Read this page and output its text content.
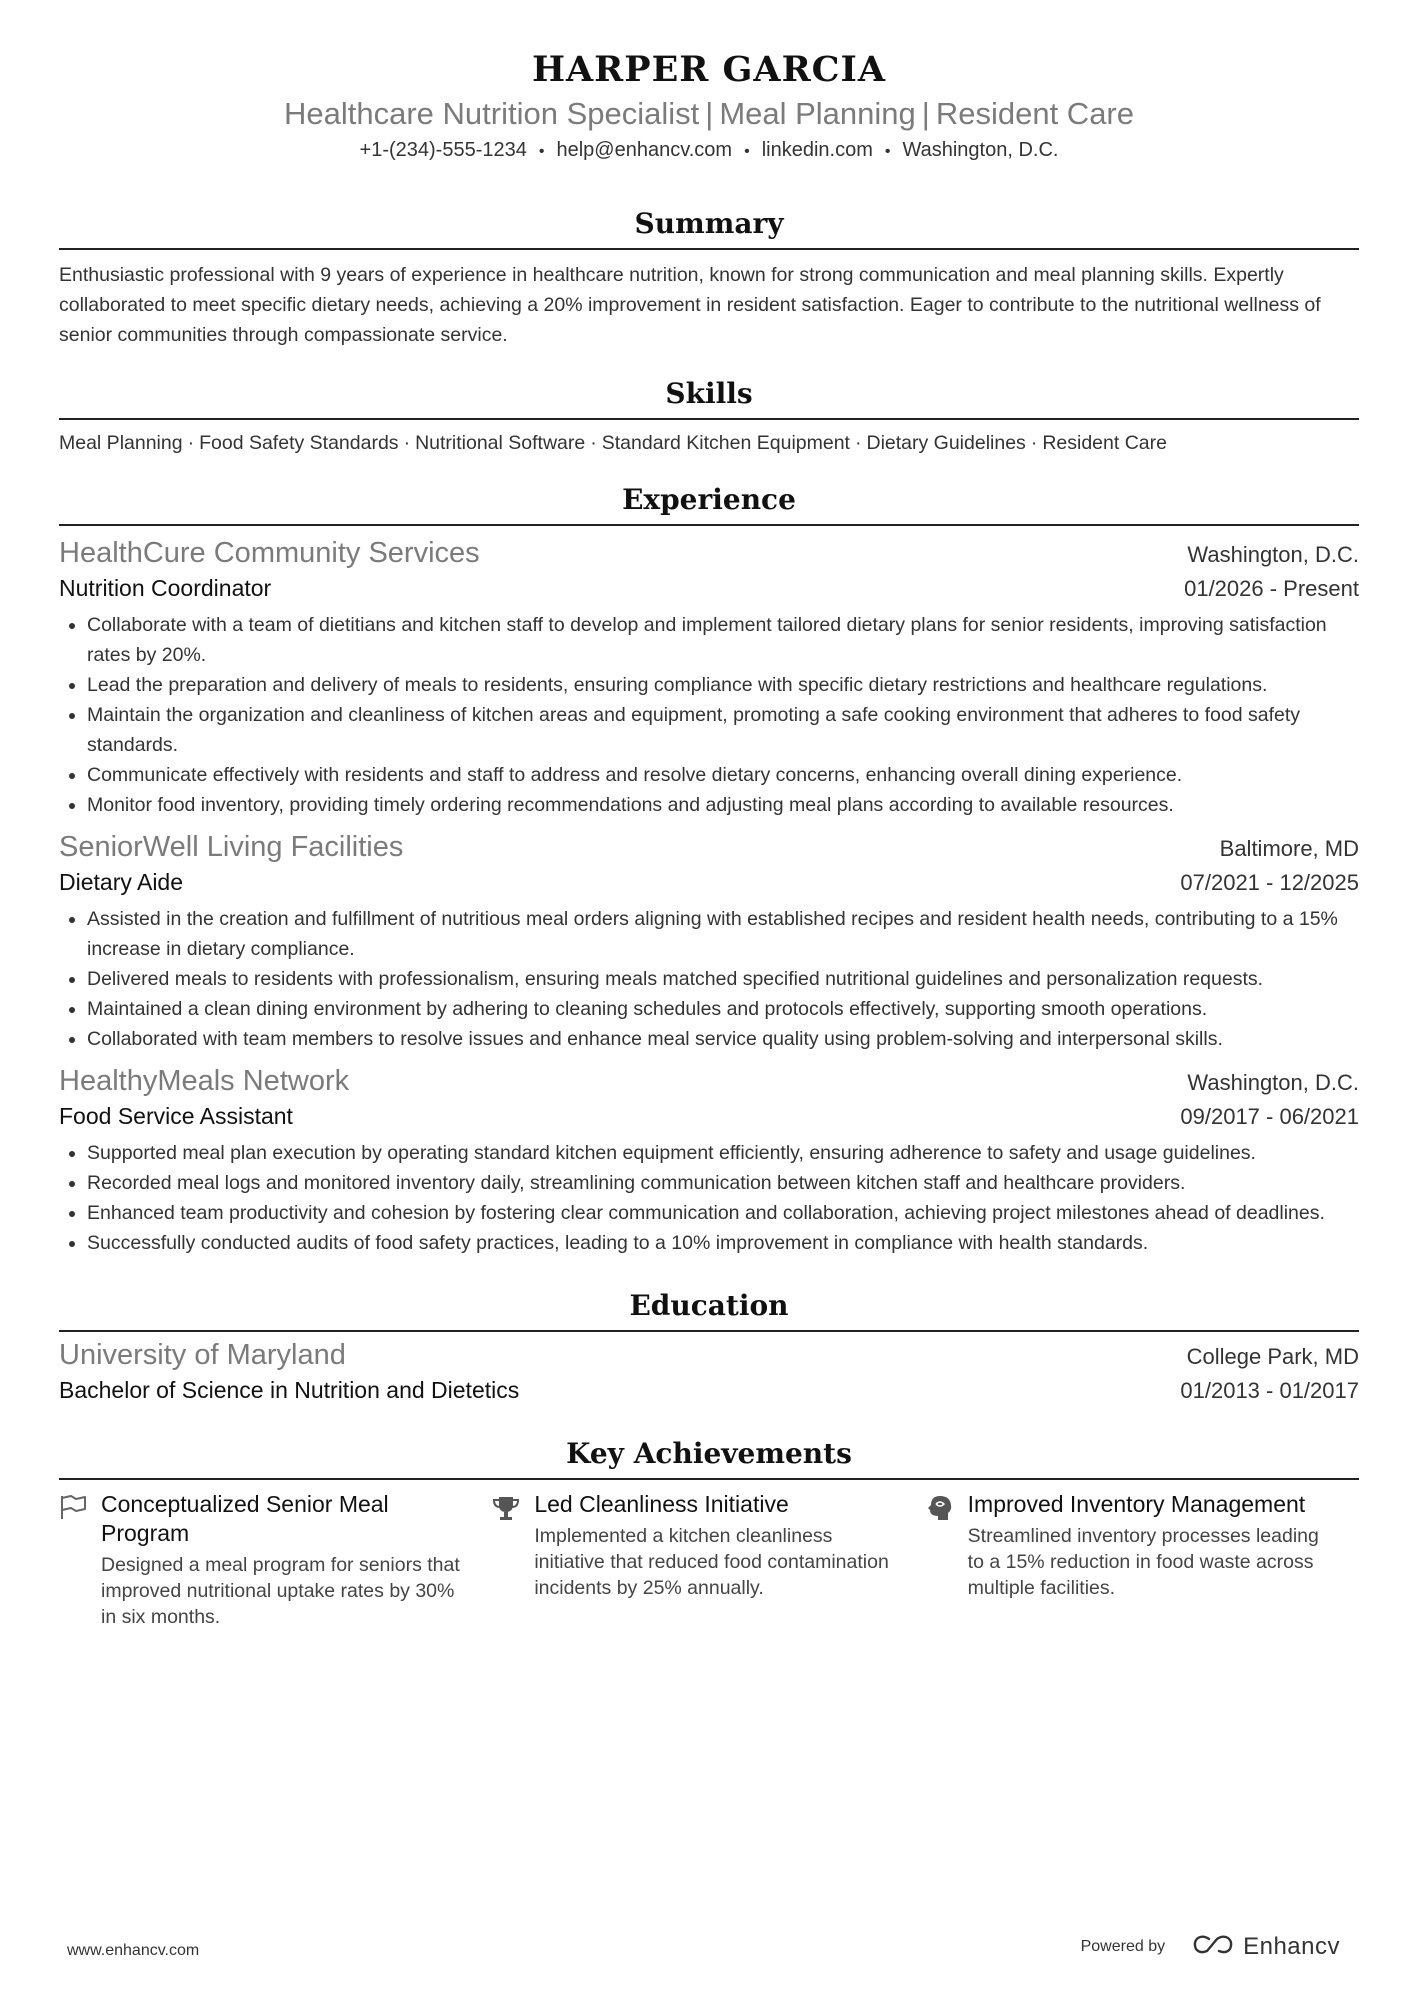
HARPER GARCIA
Healthcare Nutrition Specialist | Meal Planning | Resident Care
+1-(234)-555-1234 • help@enhancv.com • linkedin.com • Washington, D.C.
Summary
Enthusiastic professional with 9 years of experience in healthcare nutrition, known for strong communication and meal planning skills. Expertly collaborated to meet specific dietary needs, achieving a 20% improvement in resident satisfaction. Eager to contribute to the nutritional wellness of senior communities through compassionate service.
Skills
Meal Planning · Food Safety Standards · Nutritional Software · Standard Kitchen Equipment · Dietary Guidelines · Resident Care
Experience
HealthCure Community Services	Washington, D.C.
Nutrition Coordinator	01/2026 - Present
• Collaborate with a team of dietitians and kitchen staff to develop and implement tailored dietary plans for senior residents, improving satisfaction rates by 20%.
• Lead the preparation and delivery of meals to residents, ensuring compliance with specific dietary restrictions and healthcare regulations.
• Maintain the organization and cleanliness of kitchen areas and equipment, promoting a safe cooking environment that adheres to food safety standards.
• Communicate effectively with residents and staff to address and resolve dietary concerns, enhancing overall dining experience.
• Monitor food inventory, providing timely ordering recommendations and adjusting meal plans according to available resources.
SeniorWell Living Facilities	Baltimore, MD
Dietary Aide	07/2021 - 12/2025
• Assisted in the creation and fulfillment of nutritious meal orders aligning with established recipes and resident health needs, contributing to a 15% increase in dietary compliance.
• Delivered meals to residents with professionalism, ensuring meals matched specified nutritional guidelines and personalization requests.
• Maintained a clean dining environment by adhering to cleaning schedules and protocols effectively, supporting smooth operations.
• Collaborated with team members to resolve issues and enhance meal service quality using problem-solving and interpersonal skills.
HealthyMeals Network	Washington, D.C.
Food Service Assistant	09/2017 - 06/2021
• Supported meal plan execution by operating standard kitchen equipment efficiently, ensuring adherence to safety and usage guidelines.
• Recorded meal logs and monitored inventory daily, streamlining communication between kitchen staff and healthcare providers.
• Enhanced team productivity and cohesion by fostering clear communication and collaboration, achieving project milestones ahead of deadlines.
• Successfully conducted audits of food safety practices, leading to a 10% improvement in compliance with health standards.
Education
University of Maryland	College Park, MD
Bachelor of Science in Nutrition and Dietetics	01/2013 - 01/2017
Key Achievements
Conceptualized Senior Meal Program
Designed a meal program for seniors that improved nutritional uptake rates by 30% in six months.
Led Cleanliness Initiative
Implemented a kitchen cleanliness initiative that reduced food contamination incidents by 25% annually.
Improved Inventory Management
Streamlined inventory processes leading to a 15% reduction in food waste across multiple facilities.
www.enhancv.com	Powered by	Enhancv
